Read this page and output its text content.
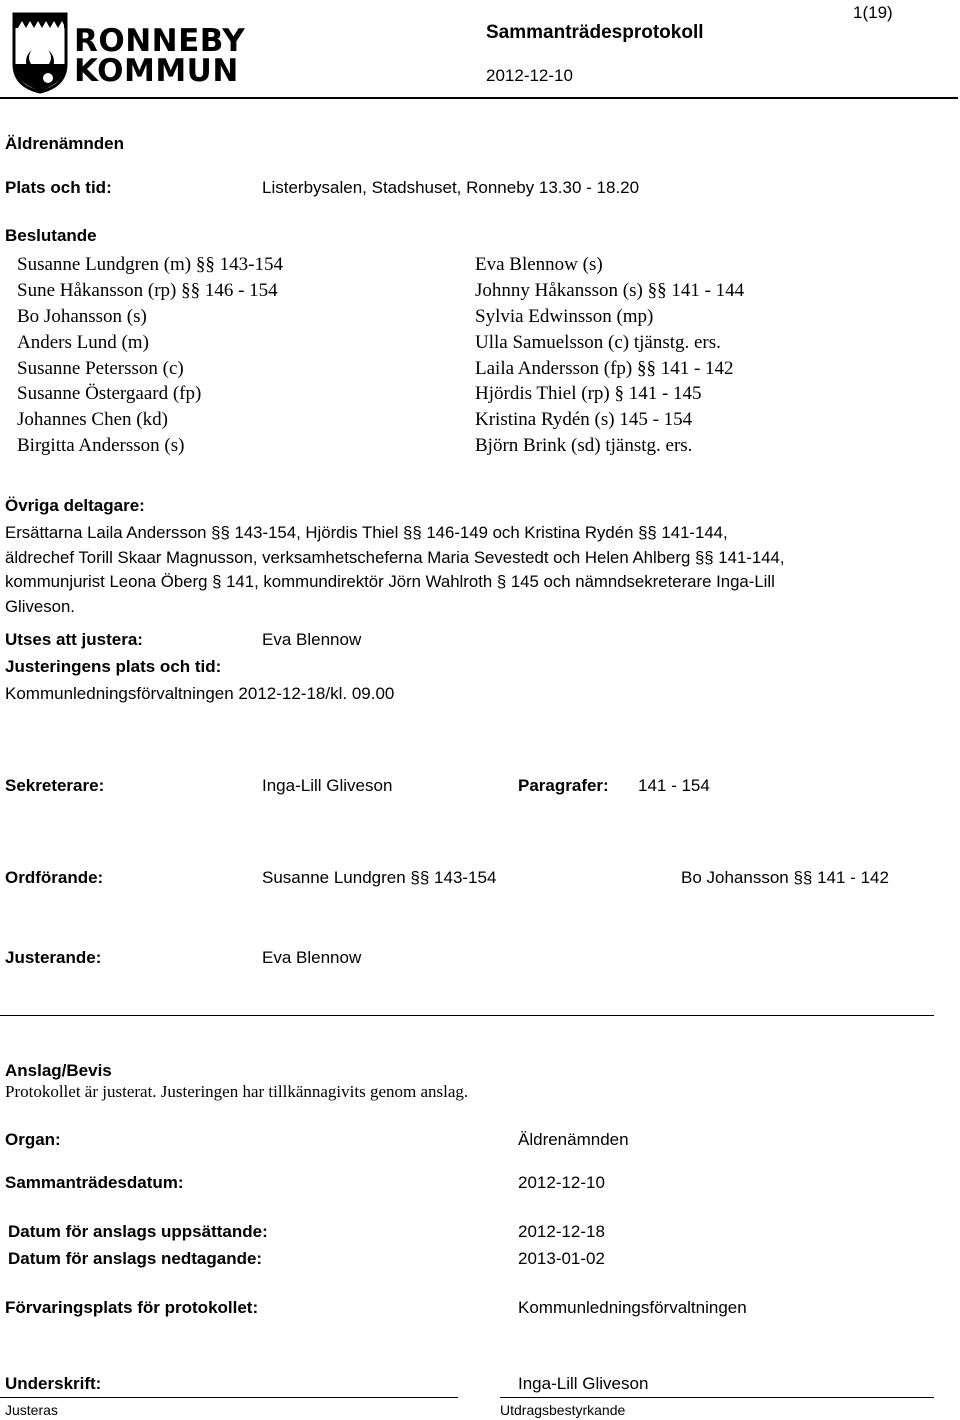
RONNEBY
KOMMUN
Sammanträdesprotokoll
2012-12-10
1(19)
Äldrenämnden
Plats och tid:	Listerbysalen, Stadshuset, Ronneby 13.30 - 18.20
Beslutande
Susanne Lundgren (m) §§ 143-154	Eva Blennow (s)
Sune Håkansson (rp) §§ 146 - 154	Johnny Håkansson (s) §§ 141 - 144
Bo Johansson (s)	Sylvia Edwinsson (mp)
Anders Lund (m)	Ulla Samuelsson (c) tjänstg. ers.
Susanne Petersson (c)	Laila Andersson (fp) §§ 141 - 142
Susanne Östergaard (fp)	Hjördis Thiel (rp) § 141 - 145
Johannes Chen (kd)	Kristina Rydén (s) 145 - 154
Birgitta Andersson (s)	Björn Brink (sd) tjänstg. ers.
Övriga deltagare:
Ersättarna Laila Andersson §§ 143-154, Hjördis Thiel §§ 146-149 och Kristina Rydén §§ 141-144,
äldrechef Torill Skaar Magnusson, verksamhetscheferna Maria Sevestedt och Helen Ahlberg §§ 141-144,
kommunjurist Leona Öberg § 141, kommundirektör Jörn Wahlroth § 145 och nämndsekreterare Inga-Lill
Gliveson.
Utses att justera:	Eva Blennow
Justeringens plats och tid:
Kommunledningsförvaltningen 2012-12-18/kl. 09.00
Sekreterare:	Inga-Lill Gliveson	Paragrafer: 141 - 154
Ordförande:	Susanne Lundgren §§ 143-154	Bo Johansson §§ 141 - 142
Justerande:	Eva Blennow
Anslag/Bevis
Protokollet är justerat. Justeringen har tillkännagivits genom anslag.
Organ:	Äldrenämnden
Sammanträdesdatum:	2012-12-10
Datum för anslags uppsättande:	2012-12-18
Datum för anslags nedtagande:	2013-01-02
Förvaringsplats för protokollet:	Kommunledningsförvaltningen
Underskrift:	Inga-Lill Gliveson
Justeras	Utdragsbestyrkande
